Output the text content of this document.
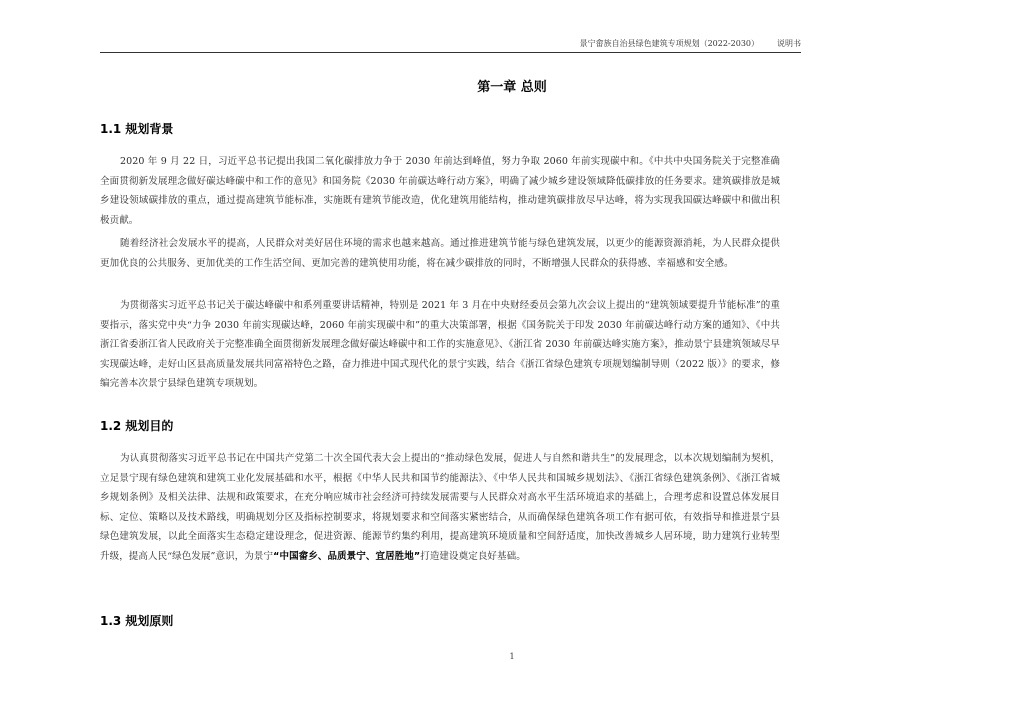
景宁畲族自治县绿色建筑专项规划（2022-2030） 说明书
第一章 总则
1.1 规划背景
2020 年 9 月 22 日，习近平总书记提出我国二氧化碳排放力争于 2030 年前达到峰值，努力争取 2060 年前实现碳中和。《中共中央国务院关于完整准确全面贯彻新发展理念做好碳达峰碳中和工作的意见》和国务院《2030 年前碳达峰行动方案》，明确了减少城乡建设领域降低碳排放的任务要求。建筑碳排放是城乡建设领域碳排放的重点，通过提高建筑节能标准，实施既有建筑节能改造，优化建筑用能结构，推动建筑碳排放尽早达峰，将为实现我国碳达峰碳中和做出积极贡献。
随着经济社会发展水平的提高，人民群众对美好居住环境的需求也越来越高。通过推进建筑节能与绿色建筑发展，以更少的能源资源消耗，为人民群众提供更加优良的公共服务、更加优美的工作生活空间、更加完善的建筑使用功能，将在减少碳排放的同时，不断增强人民群众的获得感、幸福感和安全感。
为贯彻落实习近平总书记关于碳达峰碳中和系列重要讲话精神，特别是 2021 年 3 月在中央财经委员会第九次会议上提出的“建筑领域要提升节能标准”的重要指示，落实党中央“力争 2030 年前实现碳达峰，2060 年前实现碳中和”的重大决策部署，根据《国务院关于印发 2030 年前碳达峰行动方案的通知》、《中共浙江省委浙江省人民政府关于完整准确全面贯彻新发展理念做好碳达峰碳中和工作的实施意见》、《浙江省 2030 年前碳达峰实施方案》，推动景宁县建筑领域尽早实现碳达峰，走好山区县高质量发展共同富裕特色之路，奋力推进中国式现代化的景宁实践，结合《浙江省绿色建筑专项规划编制导则（2022 版）》的要求，修编完善本次景宁县绿色建筑专项规划。
1.2 规划目的
为认真贯彻落实习近平总书记在中国共产党第二十次全国代表大会上提出的“推动绿色发展，促进人与自然和谐共生”的发展理念，以本次规划编制为契机，立足景宁现有绿色建筑和建筑工业化发展基础和水平，根据《中华人民共和国节约能源法》、《中华人民共和国城乡规划法》、《浙江省绿色建筑条例》、《浙江省城乡规划条例》及相关法律、法规和政策要求，在充分响应城市社会经济可持续发展需要与人民群众对高水平生活环境追求的基础上，合理考虑和设置总体发展目标、定位、策略以及技术路线，明确规划分区及指标控制要求，将规划要求和空间落实紧密结合，从而确保绿色建筑各项工作有据可依，有效指导和推进景宁县绿色建筑发展，以此全面落实生态稳定建设理念，促进资源、能源节约集约利用，提高建筑环境质量和空间舒适度，加快改善城乡人居环境，助力建筑行业转型升级，提高人民“绿色发展”意识，为景宁“中国畲乡、品质景宁、宜居胜地”打造建设奠定良好基础。
1.3 规划原则
1
